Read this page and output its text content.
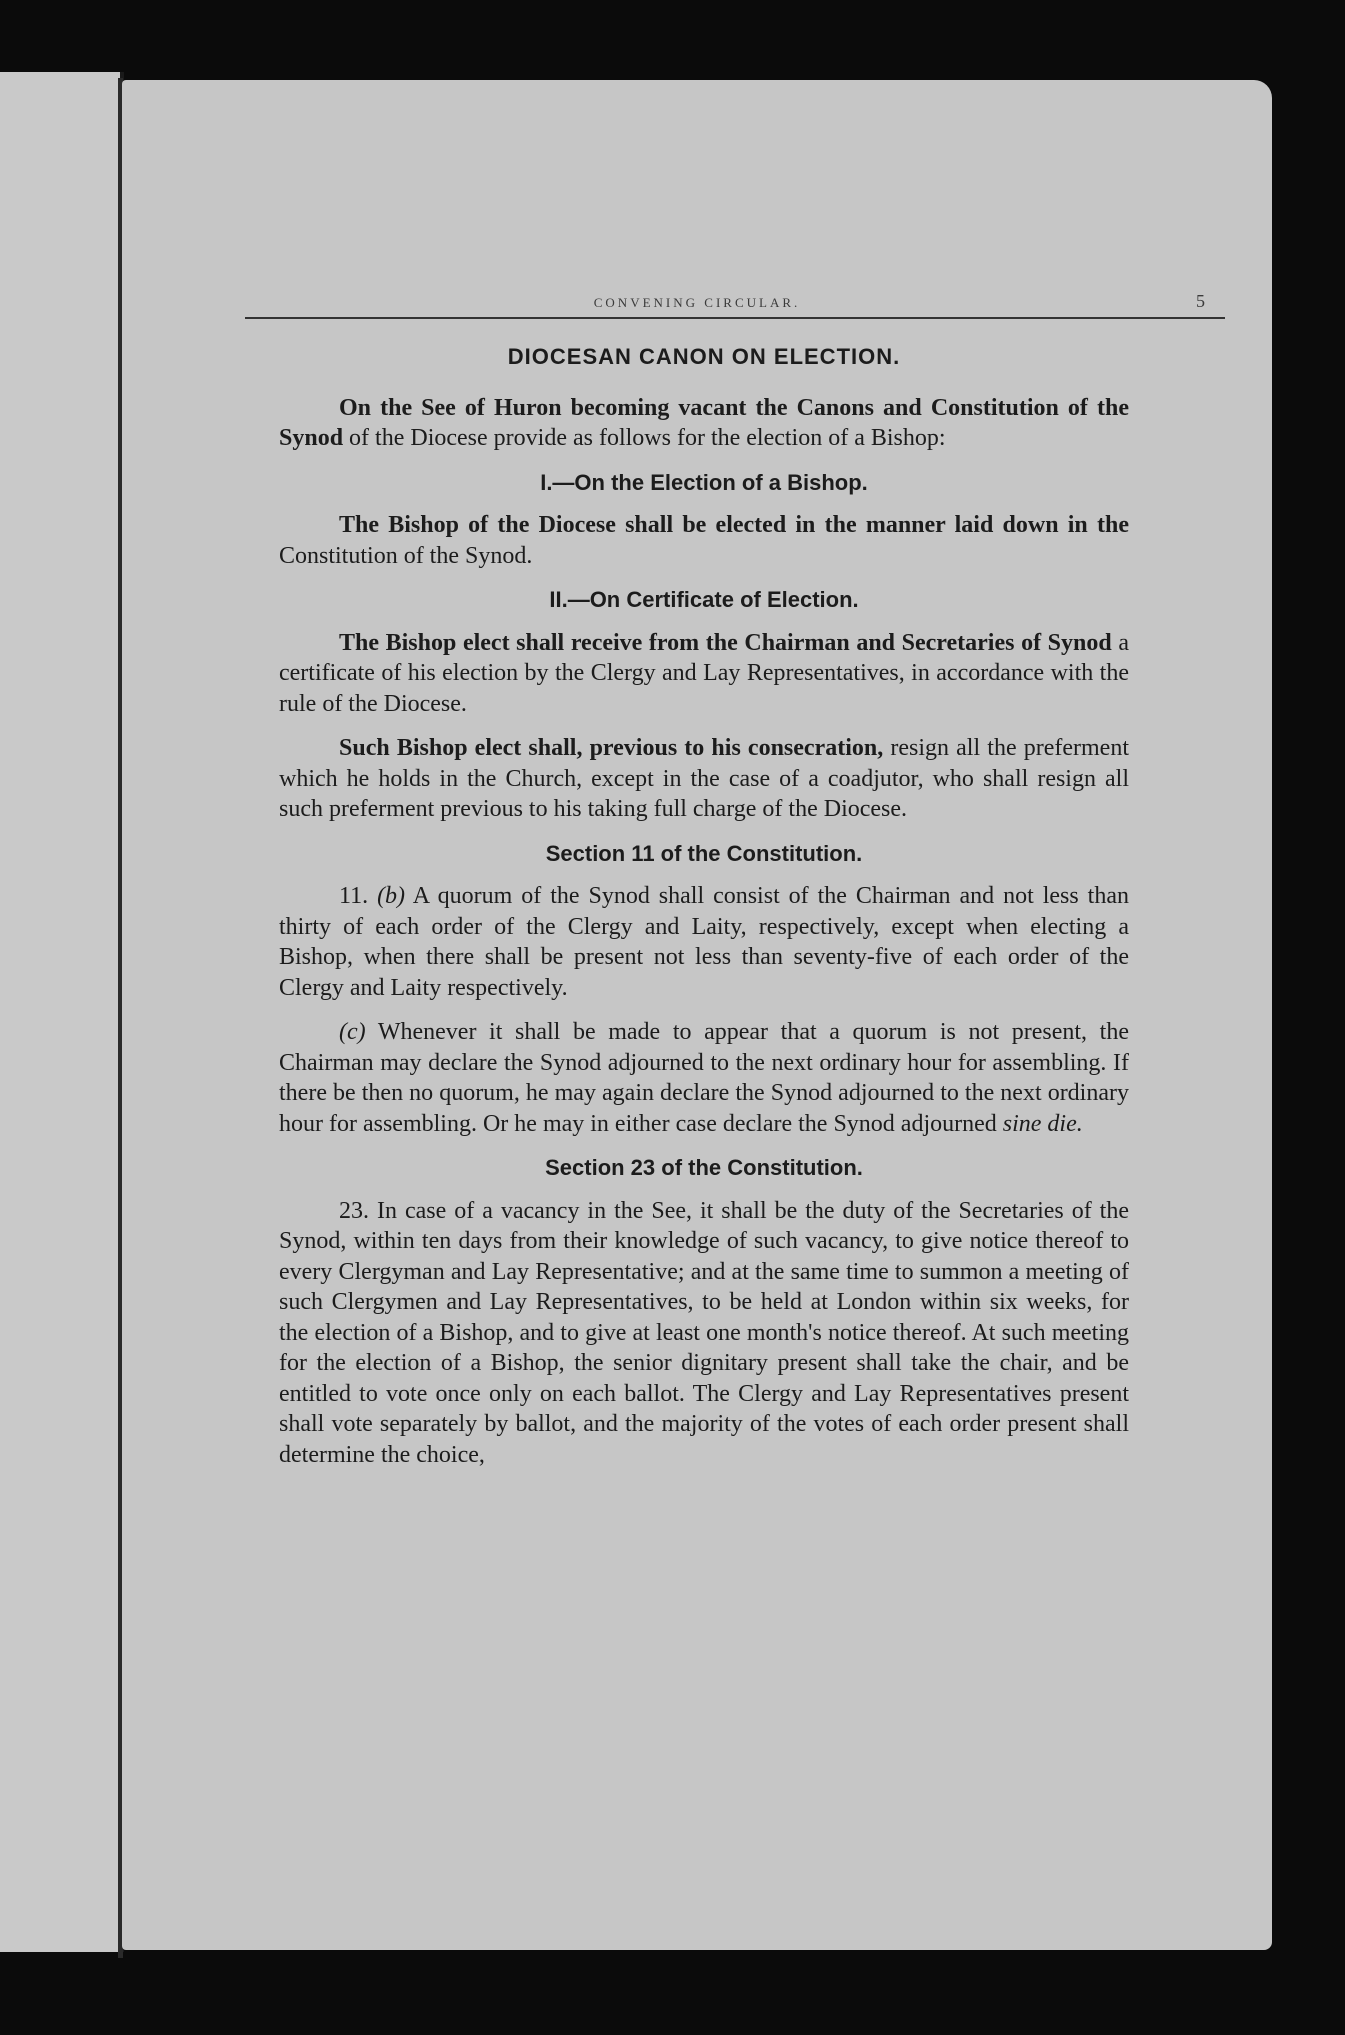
CONVENING CIRCULAR.	5
DIOCESAN CANON ON ELECTION.

On the See of Huron becoming vacant the Canons and Constitution of the Synod of the Diocese provide as follows for the election of a Bishop:

I.—On the Election of a Bishop.

The Bishop of the Diocese shall be elected in the manner laid down in the Constitution of the Synod.

II.—On Certificate of Election.

The Bishop elect shall receive from the Chairman and Secretaries of Synod a certificate of his election by the Clergy and Lay Representatives, in accordance with the rule of the Diocese.

Such Bishop elect shall, previous to his consecration, resign all the preferment which he holds in the Church, except in the case of a coadjutor, who shall resign all such preferment previous to his taking full charge of the Diocese.

Section 11 of the Constitution.

11. (b) A quorum of the Synod shall consist of the Chairman and not less than thirty of each order of the Clergy and Laity, respectively, except when electing a Bishop, when there shall be present not less than seventy-five of each order of the Clergy and Laity respectively.

(c) Whenever it shall be made to appear that a quorum is not present, the Chairman may declare the Synod adjourned to the next ordinary hour for assembling. If there be then no quorum, he may again declare the Synod adjourned to the next ordinary hour for assembling. Or he may in either case declare the Synod adjourned sine die.

Section 23 of the Constitution.

23. In case of a vacancy in the See, it shall be the duty of the Secretaries of the Synod, within ten days from their knowledge of such vacancy, to give notice thereof to every Clergyman and Lay Representative; and at the same time to summon a meeting of such Clergymen and Lay Representatives, to be held at London within six weeks, for the election of a Bishop, and to give at least one month's notice thereof. At such meeting for the election of a Bishop, the senior dignitary present shall take the chair, and be entitled to vote once only on each ballot. The Clergy and Lay Representatives present shall vote separately by ballot, and the majority of the votes of each order present shall determine the choice,
